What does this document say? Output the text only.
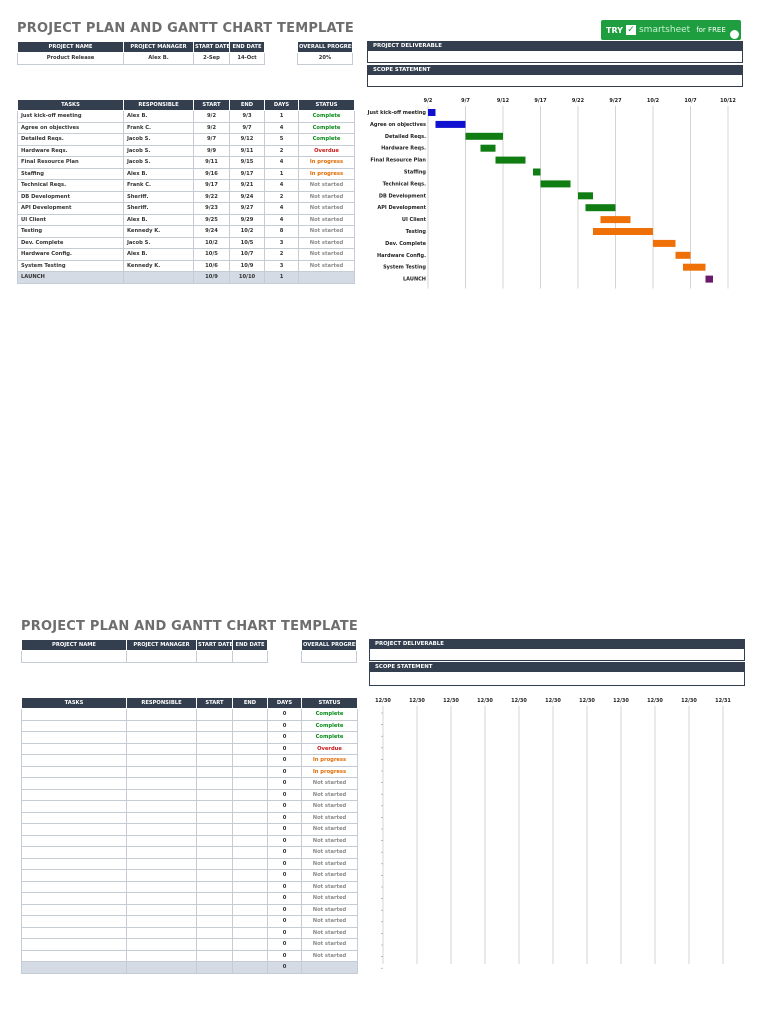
PROJECT PLAN AND GANTT CHART TEMPLATE
PROJECT NAME	PROJECT MANAGER	START DATE	END DATE
Product Release	Alex B.	2-Sep	14-Oct
OVERALL PROGRESS
20%
PROJECT DELIVERABLE
SCOPE STATEMENT
TASKS	RESPONSIBLE	START	END	DAYS	STATUS
Just kick-off meeting	Alex B.	9/2	9/3	1	Complete
Agree on objectives	Frank C.	9/2	9/7	4	Complete
Detailed Reqs.	Jacob S.	9/7	9/12	5	Complete
Hardware Reqs.	Jacob S.	9/9	9/11	2	Overdue
Final Resource Plan	Jacob S.	9/11	9/15	4	In progress
Staffing	Alex B.	9/16	9/17	1	In progress
Technical Reqs.	Frank C.	9/17	9/21	4	Not started
DB Development	Sheriff.	9/22	9/24	2	Not started
API Development	Sheriff.	9/23	9/27	4	Not started
UI Client	Alex B.	9/25	9/29	4	Not started
Testing	Kennedy K.	9/24	10/2	8	Not started
Dev. Complete	Jacob S.	10/2	10/5	3	Not started
Hardware Config.	Alex B.	10/5	10/7	2	Not started
System Testing	Kennedy K.	10/6	10/9	3	Not started
LAUNCH		10/9	10/10	1	
TRY ✓ smartsheet for FREE
9/2	9/7	9/12	9/17	9/22	9/27	10/2	10/7	10/12
Just kick-off meeting
Agree on objectives
Detailed Reqs.
Hardware Reqs.
Final Resource Plan
Staffing
Technical Reqs.
DB Development
API Development
UI Client
Testing
Dev. Complete
Hardware Config.
System Testing
LAUNCH
PROJECT PLAN AND GANTT CHART TEMPLATE
PROJECT NAME	PROJECT MANAGER	START DATE	END DATE
				OVERALL PROGRESS	PROJECT DELIVERABLE
SCOPE STATEMENT
TASKS	RESPONSIBLE	START	END	DAYS	STATUS
				0	Complete
				0	Complete
				0	Complete
				0	Overdue
				0	In progress
				0	In progress
				0	Not started
				0	Not started
				0	Not started
				0	Not started
				0	Not started
				0	Not started
				0	Not started
				0	Not started
				0	Not started
				0	Not started
				0	Not started
				0	Not started
				0	Not started
				0	Not started
				0	Not started
				0	Not started
				0	
12/30	12/30	12/30	12/30	12/30	12/30	12/30	12/30	12/30	12/30	12/31
